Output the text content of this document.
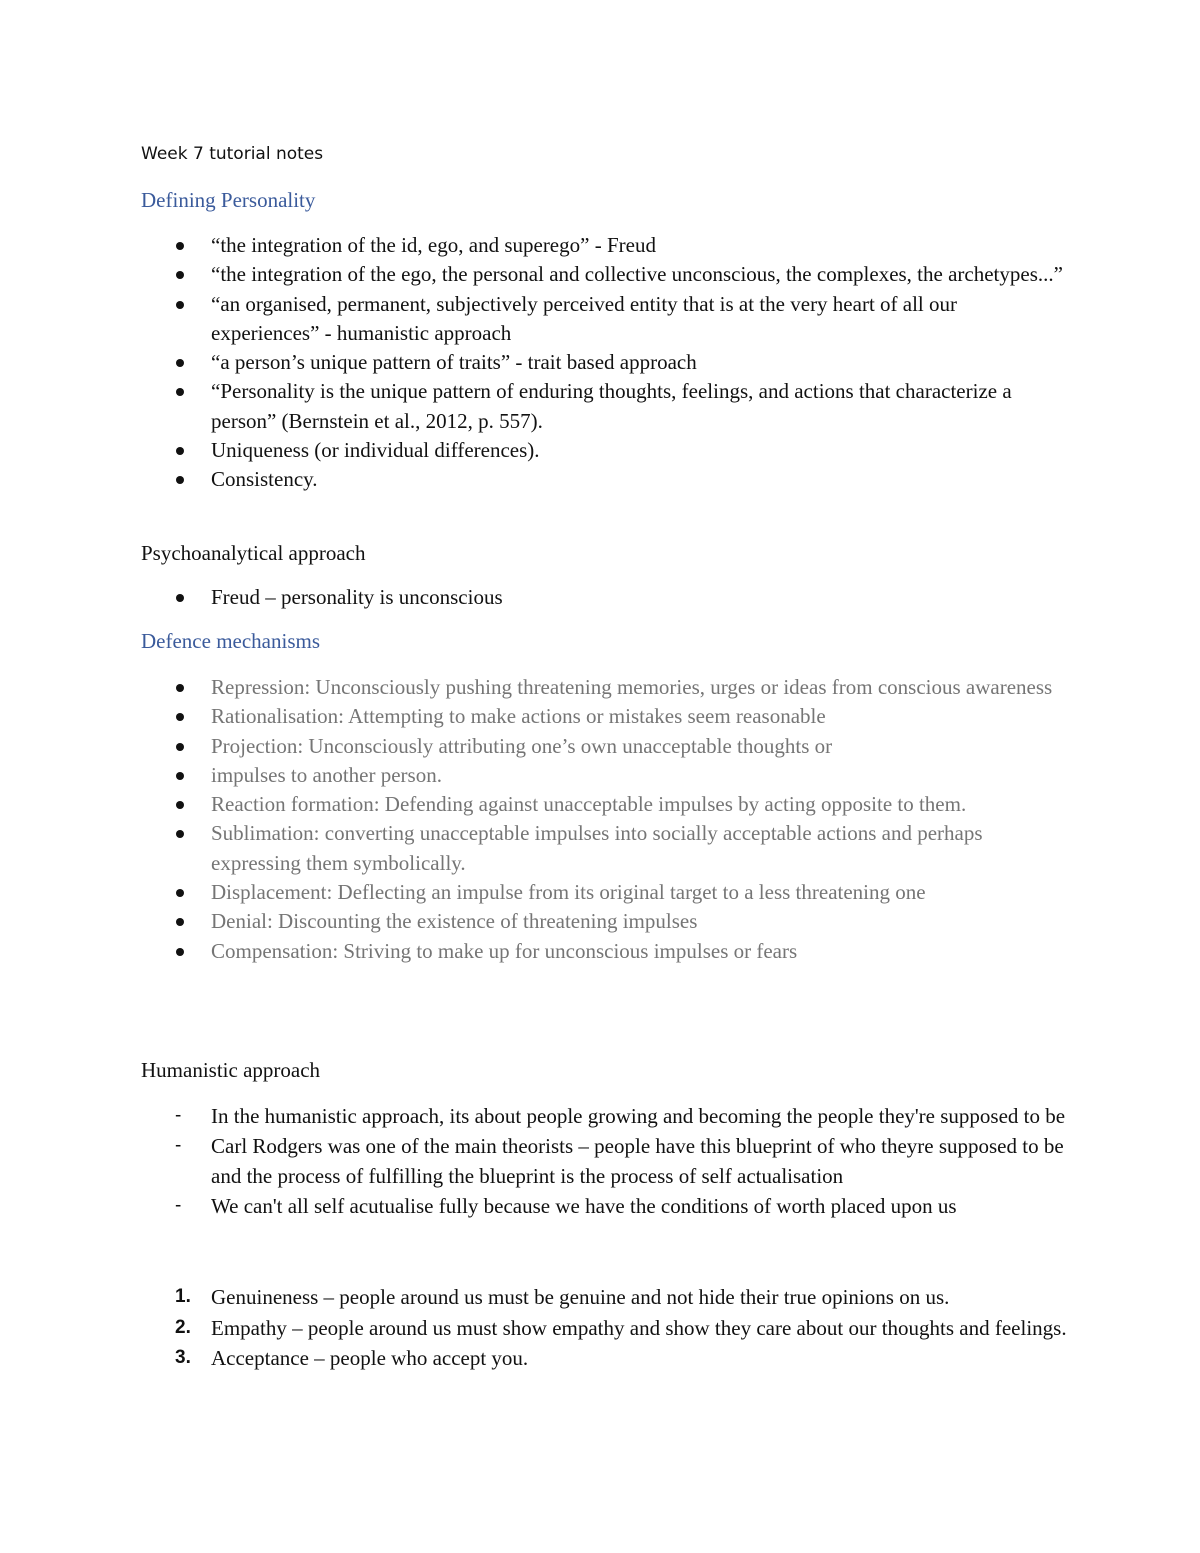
Week 7 tutorial notes
Defining Personality
“the integration of the id, ego, and superego” - Freud
“the integration of the ego, the personal and collective unconscious, the complexes, the archetypes...”
“an organised, permanent, subjectively perceived entity that is at the very heart of all our experiences” - humanistic approach
“a person’s unique pattern of traits” - trait based approach
“Personality is the unique pattern of enduring thoughts, feelings, and actions that characterize a person” (Bernstein et al., 2012, p. 557).
Uniqueness (or individual differences).
Consistency.
Psychoanalytical approach
Freud – personality is unconscious
Defence mechanisms
Repression: Unconsciously pushing threatening memories, urges or ideas from conscious awareness
Rationalisation: Attempting to make actions or mistakes seem reasonable
Projection: Unconsciously attributing one’s own unacceptable thoughts or
impulses to another person.
Reaction formation: Defending against unacceptable impulses by acting opposite to them.
Sublimation: converting unacceptable impulses into socially acceptable actions and perhaps expressing them symbolically.
Displacement: Deflecting an impulse from its original target to a less threatening one
Denial: Discounting the existence of threatening impulses
Compensation: Striving to make up for unconscious impulses or fears
Humanistic approach
- In the humanistic approach, its about people growing and becoming the people they're supposed to be
- Carl Rodgers was one of the main theorists – people have this blueprint of who theyre supposed to be and the process of fulfilling the blueprint is the process of self actualisation
- We can't all self acutualise fully because we have the conditions of worth placed upon us
1. Genuineness – people around us must be genuine and not hide their true opinions on us.
2. Empathy – people around us must show empathy and show they care about our thoughts and feelings.
3. Acceptance – people who accept you.
